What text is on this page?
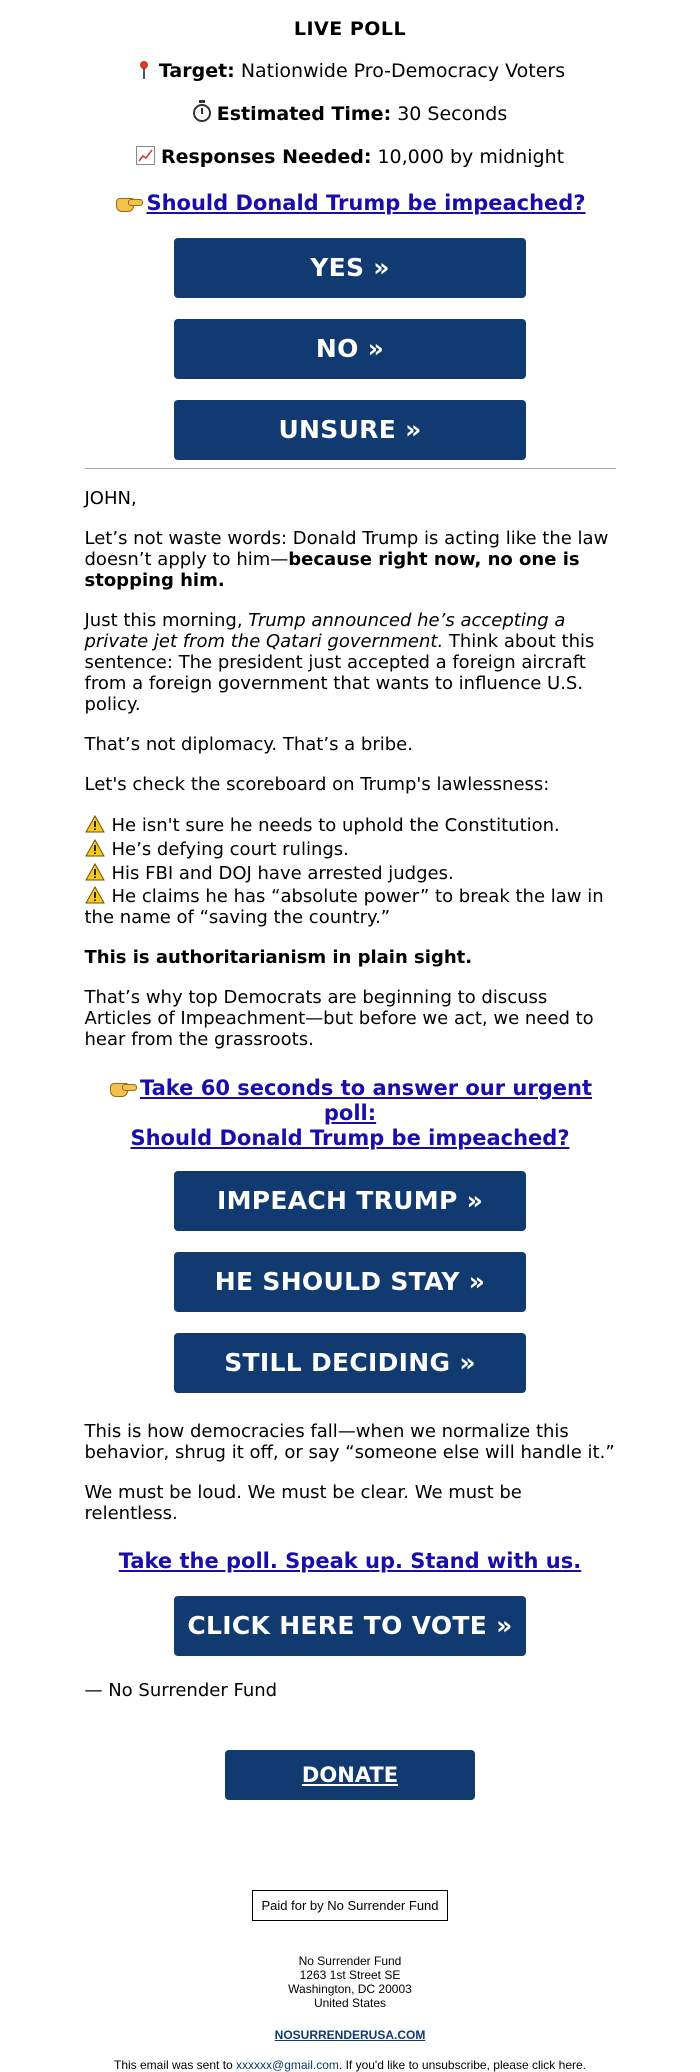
LIVE POLL
Target: Nationwide Pro-Democracy Voters
Estimated Time: 30 Seconds
Responses Needed: 10,000 by midnight
Should Donald Trump be impeached?
YES »
NO »
UNSURE »

JOHN,

Let’s not waste words: Donald Trump is acting like the law doesn’t apply to him—because right now, no one is stopping him.

Just this morning, Trump announced he’s accepting a private jet from the Qatari government. Think about this sentence: The president just accepted a foreign aircraft from a foreign government that wants to influence U.S. policy.

That’s not diplomacy. That’s a bribe.

Let's check the scoreboard on Trump's lawlessness:

He isn't sure he needs to uphold the Constitution.
He’s defying court rulings.
His FBI and DOJ have arrested judges.
He claims he has “absolute power” to break the law in the name of “saving the country.”

This is authoritarianism in plain sight.

That’s why top Democrats are beginning to discuss Articles of Impeachment—but before we act, we need to hear from the grassroots.

Take 60 seconds to answer our urgent poll:
Should Donald Trump be impeached?
IMPEACH TRUMP »
HE SHOULD STAY »
STILL DECIDING »

This is how democracies fall—when we normalize this behavior, shrug it off, or say “someone else will handle it.”

We must be loud. We must be clear. We must be relentless.

Take the poll. Speak up. Stand with us.
CLICK HERE TO VOTE »

— No Surrender Fund

DONATE
Paid for by No Surrender Fund
No Surrender Fund
1263 1st Street SE
Washington, DC 20003
United States
NOSURRENDERUSA.COM
This email was sent to xxxxxx@gmail.com. If you'd like to unsubscribe, please click here.
